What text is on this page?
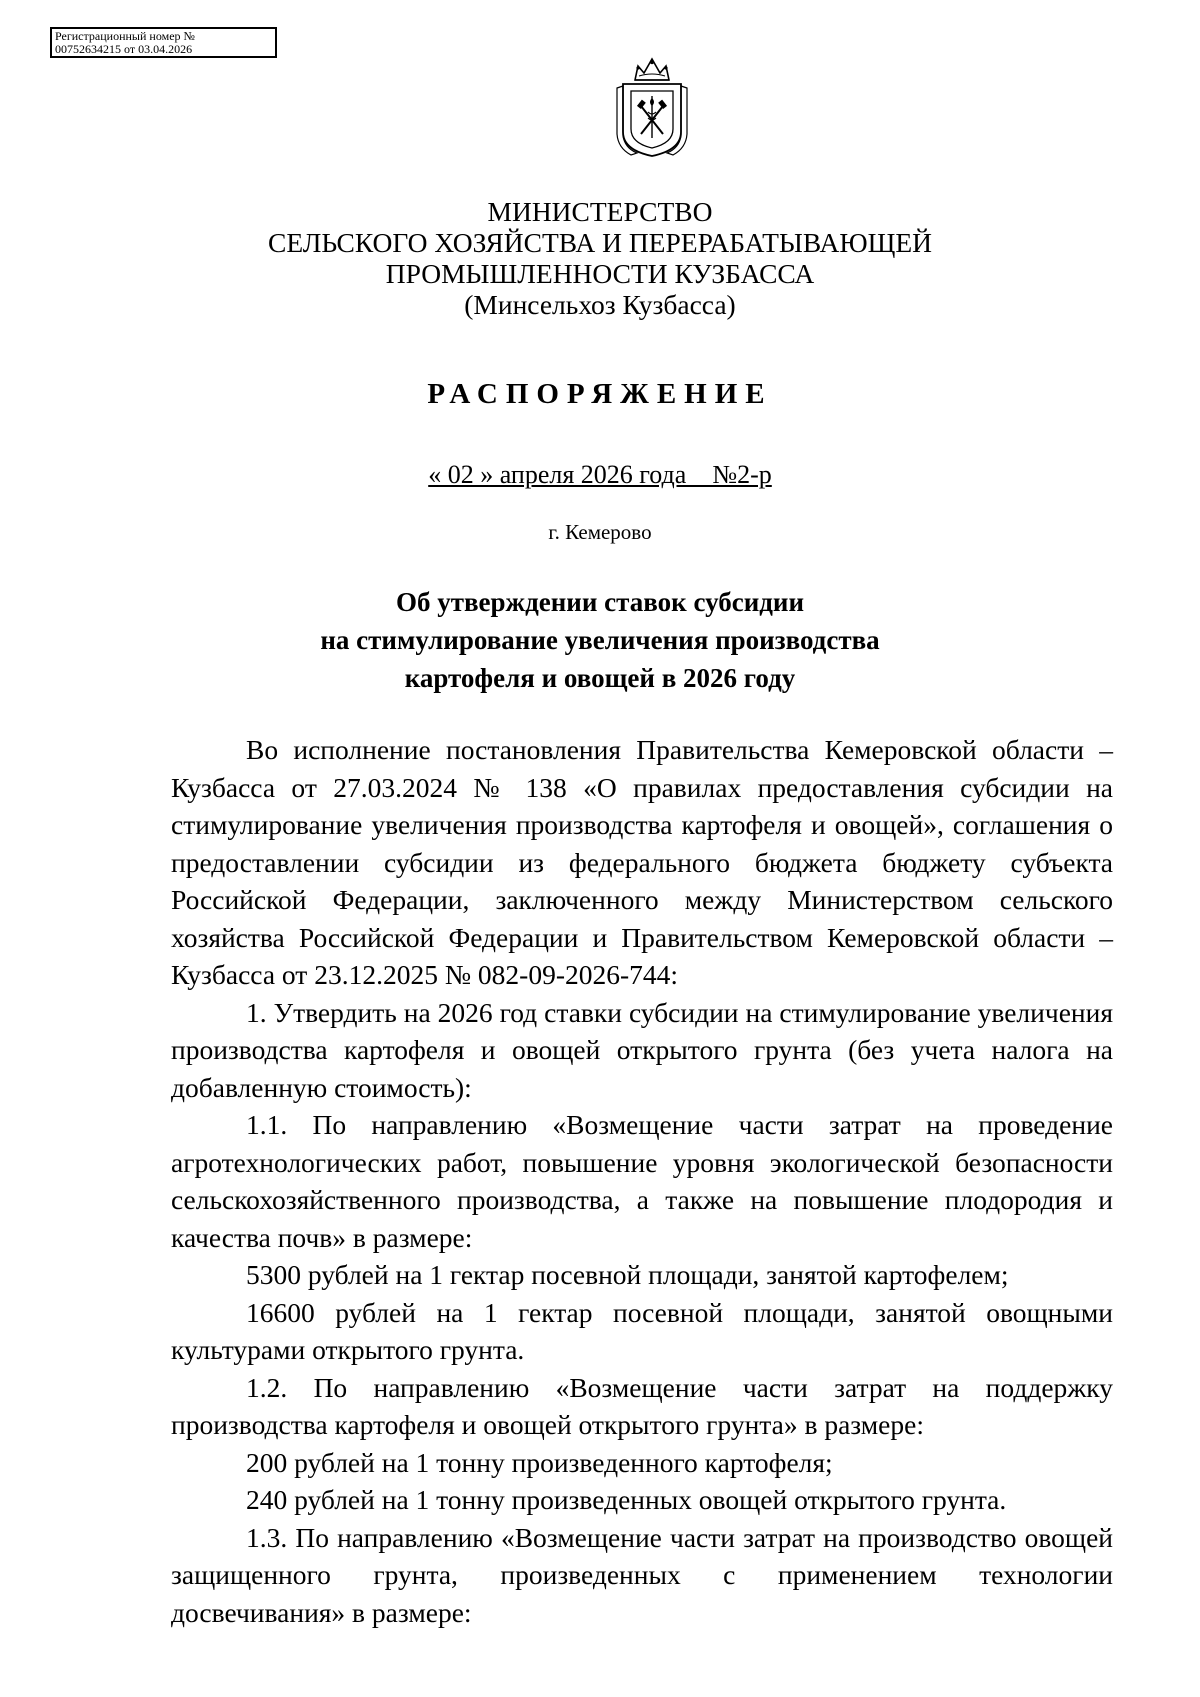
Регистрационный номер №
00752634215 от 03.04.2026
МИНИСТЕРСТВО
СЕЛЬСКОГО ХОЗЯЙСТВА И ПЕРЕРАБАТЫВАЮЩЕЙ
ПРОМЫШЛЕННОСТИ КУЗБАССА
(Минсельхоз Кузбасса)
РАСПОРЯЖЕНИЕ
« 02 » апреля 2026 года    №2-р
г. Кемерово
Об утверждении ставок субсидии
на стимулирование увеличения производства
картофеля и овощей в 2026 году

Во исполнение постановления Правительства Кемеровской области – Кузбасса от 27.03.2024 № 138 «О правилах предоставления субсидии на стимулирование увеличения производства картофеля и овощей», соглашения о предоставлении субсидии из федерального бюджета бюджету субъекта Российской Федерации, заключенного между Министерством сельского хозяйства Российской Федерации и Правительством Кемеровской области – Кузбасса от 23.12.2025 № 082-09-2026-744:

1. Утвердить на 2026 год ставки субсидии на стимулирование увеличения производства картофеля и овощей открытого грунта (без учета налога на добавленную стоимость):

1.1. По направлению «Возмещение части затрат на проведение агротехнологических работ, повышение уровня экологической безопасности сельскохозяйственного производства, а также на повышение плодородия и качества почв» в размере:

5300 рублей на 1 гектар посевной площади, занятой картофелем;

16600 рублей на 1 гектар посевной площади, занятой овощными культурами открытого грунта.

1.2. По направлению «Возмещение части затрат на поддержку производства картофеля и овощей открытого грунта» в размере:

200 рублей на 1 тонну произведенного картофеля;

240 рублей на 1 тонну произведенных овощей открытого грунта.

1.3. По направлению «Возмещение части затрат на производство овощей защищенного грунта, произведенных с применением технологии досвечивания» в размере:
